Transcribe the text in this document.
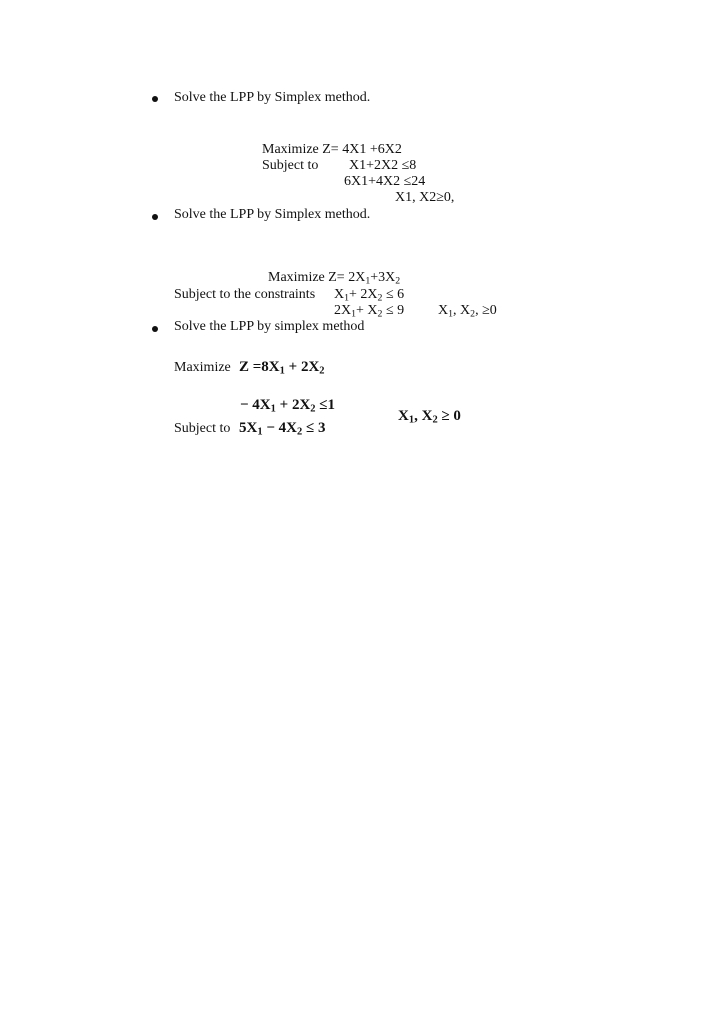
Solve the LPP by Simplex method.
Maximize Z= 4X1 +6X2
Subject to X1+2X2 ≤8
6X1+4X2 ≤24
X1, X2≥0,
Solve the LPP by Simplex method.
Maximize $Z= 2X_1+3X_2$
Subject to the constraints $X_1+ 2X_2 \le 6$
$2X_1+ X_2 \le 9$ $X_1$, $X_2$, ≥0
Solve the LPP by simplex method
Maximize $Z =8X_1 + 2X_2$
− $4X_1 + 2X_2 \le 1$
Subject to $5X_1 - 4X_2 \le 3$
$X_1$, $X_2 \ge 0$
